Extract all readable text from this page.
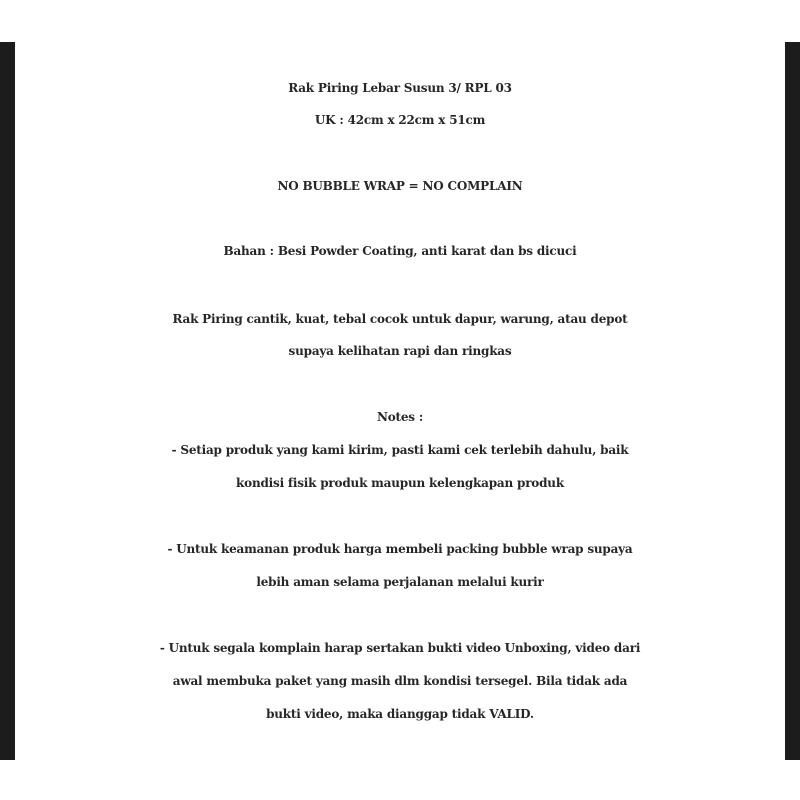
Rak Piring Lebar Susun 3/ RPL 03
UK : 42cm x 22cm x 51cm
NO BUBBLE WRAP = NO COMPLAIN
Bahan : Besi Powder Coating, anti karat dan bs dicuci
Rak Piring cantik, kuat, tebal cocok untuk dapur, warung, atau depot
supaya kelihatan rapi dan ringkas
Notes :
- Setiap produk yang kami kirim, pasti kami cek terlebih dahulu, baik
kondisi fisik produk maupun kelengkapan produk
- Untuk keamanan produk harga membeli packing bubble wrap supaya
lebih aman selama perjalanan melalui kurir
- Untuk segala komplain harap sertakan bukti video Unboxing, video dari
awal membuka paket yang masih dlm kondisi tersegel. Bila tidak ada
bukti video, maka dianggap tidak VALID.
